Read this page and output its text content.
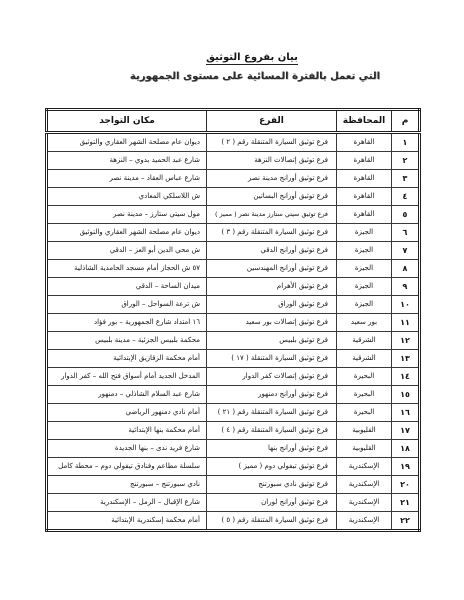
بيان بفروع التوثيق
التي تعمل بالفترة المسائية على مستوى الجمهورية
م	المحافظة	الفرع	مكان التواجد
١	القاهرة	فرع توثيق السيارة المتنقلة رقم ( ٢ )	ديوان عام مصلحة الشهر العقاري والتوثيق
٢	القاهرة	فرع توثيق إتصالات النزهة	شارع عبد الحميد بدوي – النزهة
٣	القاهرة	فرع توثيق أورانج مدينة نصر	شارع عباس العقاد – مدينة نصر
٤	القاهرة	فرع توثيق أورانج البساتين	ش اللاسلكي المعادي
٥	القاهرة	فرع توثيق سيتي ستارز مدينة نصر ( مميز )	مول سيتي ستارز – مدينة نصر
٦	الجيزة	فرع توثيق السيارة المتنقلة رقم ( ٣ )	ديوان عام مصلحة الشهر العقاري والتوثيق
٧	الجيزة	فرع توثيق أورانج الدقي	ش محي الدين أبو العز – الدقي
٨	الجيزة	فرع توثيق أورانج المهندسين	٥٧ ش الحجاز أمام مسجد الحامدية الشاذلية
٩	الجيزة	فرع توثيق الأهرام	ميدان الساحة – الدقي
١٠	الجيزة	فرع توثيق الوراق	ش ترعة السواحل – الوراق
١١	بور سعيد	فرع توثيق إتصالات بور سعيد	١٦ امتداد شارع الجمهورية – بور فؤاد
١٢	الشرقية	فرع توثيق بلبيس	محكمة بلبيس الجزئية – مدينة بلبيس
١٣	الشرقية	فرع توثيق السيارة المتنقلة ( ١٧ )	أمام محكمة الزقازيق الإبتدائية
١٤	البحيرة	فرع توثيق إتصالات كفر الدوار	المدخل الجديد أمام أسواق فتح الله – كفر الدوار
١٥	البحيرة	فرع توثيق أورانج دمنهور	شارع عبد السلام الشاذلي – دمنهور
١٦	البحيرة	فرع توثيق السيارة المتنقلة رقم ( ٢١ )	أمام نادي دمنهور الرياضي
١٧	القليوبية	فرع توثيق السيارة المتنقلة رقم ( ٤ )	أمام محكمة بنها الإبتدائية
١٨	القليوبية	فرع توثيق أورانج بنها	شارع فريد ندى – بنها الجديدة
١٩	الإسكندرية	فرع توثيق تيفولي دوم ( مميز )	سلسلة مطاعم وفنادق تيفولي دوم – محطة كامل
٢٠	الإسكندرية	فرع توثيق نادي سبورتنج	نادي سبورتنج – سبورتنج
٢١	الإسكندرية	فرع توثيق أورانج لوران	شارع الإقبال – الرمل – الإسكندرية
٢٢	الإسكندرية	فرع توثيق السيارة المتنقلة رقم ( ٥ )	أمام محكمة إسكندرية الإبتدائية
